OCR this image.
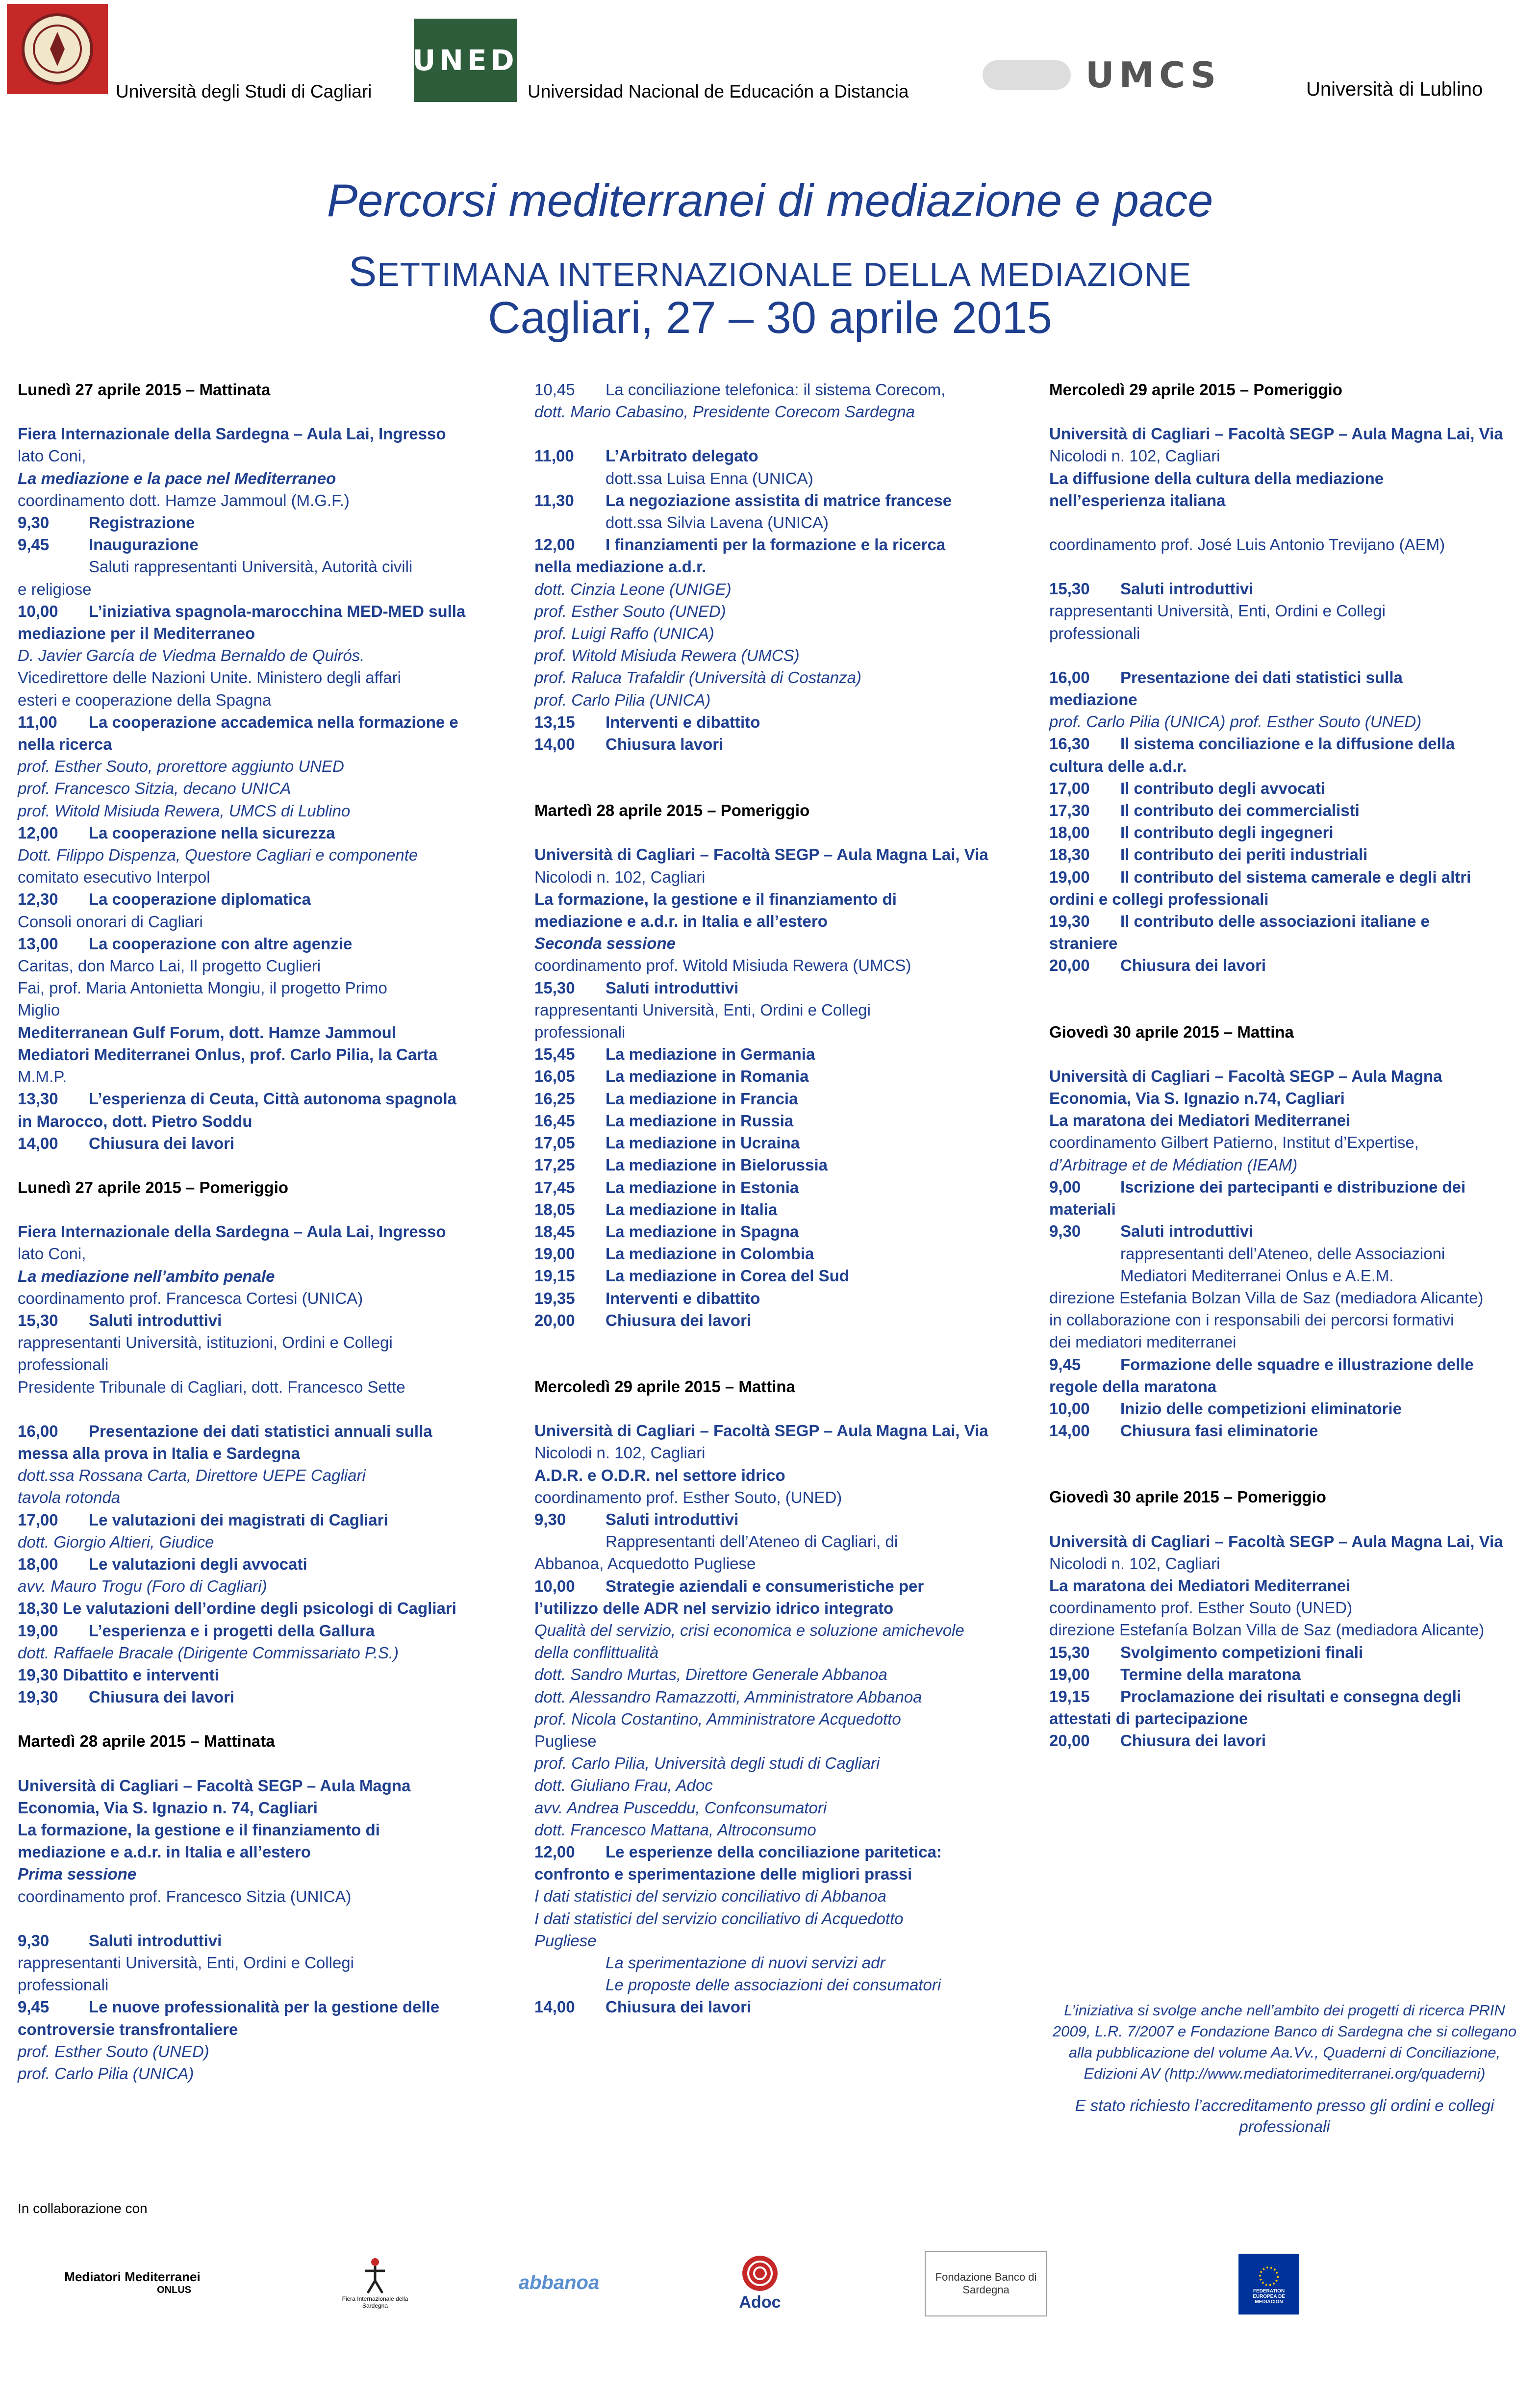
Università degli Studi di Cagliari
UNED
Universidad Nacional de Educación a Distancia	UMCS	Università di Lublino
Percorsi mediterranei di mediazione e pace
SETTIMANA INTERNAZIONALE DELLA MEDIAZIONE
Cagliari, 27 – 30 aprile 2015
Lunedì 27 aprile 2015 – Mattinata
Fiera Internazionale della Sardegna – Aula Lai, Ingresso
lato Coni,
La mediazione e la pace nel Mediterraneo
coordinamento dott. Hamze Jammoul (M.G.F.)
9,30 Registrazione
9,45 Inaugurazione
Saluti rappresentanti Università, Autorità civili
e religiose
10,00 L’iniziativa spagnola-marocchina MED-MED sulla
mediazione per il Mediterraneo
D. Javier García de Viedma Bernaldo de Quirós.
Vicedirettore delle Nazioni Unite. Ministero degli affari
esteri e cooperazione della Spagna
11,00 La cooperazione accademica nella formazione e
nella ricerca
prof. Esther Souto, prorettore aggiunto UNED
prof. Francesco Sitzia, decano UNICA
prof. Witold Misiuda Rewera, UMCS di Lublino
12,00 La cooperazione nella sicurezza
Dott. Filippo Dispenza, Questore Cagliari e componente
comitato esecutivo Interpol
12,30 La cooperazione diplomatica
Consoli onorari di Cagliari
13,00 La cooperazione con altre agenzie
Caritas, don Marco Lai, Il progetto Cuglieri
Fai, prof. Maria Antonietta Mongiu, il progetto Primo
Miglio
Mediterranean Gulf Forum, dott. Hamze Jammoul
Mediatori Mediterranei Onlus, prof. Carlo Pilia, la Carta
M.M.P.
13,30 L’esperienza di Ceuta, Città autonoma spagnola
in Marocco, dott. Pietro Soddu
14,00 Chiusura dei lavori
Lunedì 27 aprile 2015 – Pomeriggio
Fiera Internazionale della Sardegna – Aula Lai, Ingresso
lato Coni,
La mediazione nell’ambito penale
coordinamento prof. Francesca Cortesi (UNICA)
15,30 Saluti introduttivi
rappresentanti Università, istituzioni, Ordini e Collegi
professionali
Presidente Tribunale di Cagliari, dott. Francesco Sette
16,00 Presentazione dei dati statistici annuali sulla
messa alla prova in Italia e Sardegna
dott.ssa Rossana Carta, Direttore UEPE Cagliari
tavola rotonda
17,00 Le valutazioni dei magistrati di Cagliari
dott. Giorgio Altieri, Giudice
18,00 Le valutazioni degli avvocati
avv. Mauro Trogu (Foro di Cagliari)
18,30 Le valutazioni dell’ordine degli psicologi di Cagliari
19,00 L’esperienza e i progetti della Gallura
dott. Raffaele Bracale (Dirigente Commissariato P.S.)
19,30 Dibattito e interventi
19,30 Chiusura dei lavori
Martedì 28 aprile 2015 – Mattinata
Università di Cagliari – Facoltà SEGP – Aula Magna
Economia, Via S. Ignazio n. 74, Cagliari
La formazione, la gestione e il finanziamento di
mediazione e a.d.r. in Italia e all’estero
Prima sessione
coordinamento prof. Francesco Sitzia (UNICA)
9,30 Saluti introduttivi
rappresentanti Università, Enti, Ordini e Collegi
professionali
9,45 Le nuove professionalità per la gestione delle
controversie transfrontaliere
prof. Esther Souto (UNED)
prof. Carlo Pilia (UNICA)
10,45 La conciliazione telefonica: il sistema Corecom,
dott. Mario Cabasino, Presidente Corecom Sardegna
11,00 L’Arbitrato delegato
dott.ssa Luisa Enna (UNICA)
11,30 La negoziazione assistita di matrice francese
dott.ssa Silvia Lavena (UNICA)
12,00 I finanziamenti per la formazione e la ricerca
nella mediazione a.d.r.
dott. Cinzia Leone (UNIGE)
prof. Esther Souto (UNED)
prof. Luigi Raffo (UNICA)
prof. Witold Misiuda Rewera (UMCS)
prof. Raluca Trafaldir (Università di Costanza)
prof. Carlo Pilia (UNICA)
13,15 Interventi e dibattito
14,00 Chiusura lavori
Martedì 28 aprile 2015 – Pomeriggio
Università di Cagliari – Facoltà SEGP – Aula Magna Lai, Via
Nicolodi n. 102, Cagliari
La formazione, la gestione e il finanziamento di
mediazione e a.d.r. in Italia e all’estero
Seconda sessione
coordinamento prof. Witold Misiuda Rewera (UMCS)
15,30 Saluti introduttivi
rappresentanti Università, Enti, Ordini e Collegi
professionali
15,45 La mediazione in Germania
16,05 La mediazione in Romania
16,25 La mediazione in Francia
16,45 La mediazione in Russia
17,05 La mediazione in Ucraina
17,25 La mediazione in Bielorussia
17,45 La mediazione in Estonia
18,05 La mediazione in Italia
18,45 La mediazione in Spagna
19,00 La mediazione in Colombia
19,15 La mediazione in Corea del Sud
19,35 Interventi e dibattito
20,00 Chiusura dei lavori
Mercoledì 29 aprile 2015 – Mattina
Università di Cagliari – Facoltà SEGP – Aula Magna Lai, Via
Nicolodi n. 102, Cagliari
A.D.R. e O.D.R. nel settore idrico
coordinamento prof. Esther Souto, (UNED)
9,30 Saluti introduttivi
Rappresentanti dell’Ateneo di Cagliari, di
Abbanoa, Acquedotto Pugliese
10,00 Strategie aziendali e consumeristiche per
l’utilizzo delle ADR nel servizio idrico integrato
Qualità del servizio, crisi economica e soluzione amichevole
della conflittualità
dott. Sandro Murtas, Direttore Generale Abbanoa
dott. Alessandro Ramazzotti, Amministratore Abbanoa
prof. Nicola Costantino, Amministratore Acquedotto
Pugliese
prof. Carlo Pilia, Università degli studi di Cagliari
dott. Giuliano Frau, Adoc
avv. Andrea Pusceddu, Confconsumatori
dott. Francesco Mattana, Altroconsumo
12,00 Le esperienze della conciliazione paritetica:
confronto e sperimentazione delle migliori prassi
I dati statistici del servizio conciliativo di Abbanoa
I dati statistici del servizio conciliativo di Acquedotto
Pugliese
La sperimentazione di nuovi servizi adr
Le proposte delle associazioni dei consumatori
14,00 Chiusura dei lavori
Mercoledì 29 aprile 2015 – Pomeriggio
Università di Cagliari – Facoltà SEGP – Aula Magna Lai, Via
Nicolodi n. 102, Cagliari
La diffusione della cultura della mediazione
nell’esperienza italiana
coordinamento prof. José Luis Antonio Trevijano (AEM)
15,30 Saluti introduttivi
rappresentanti Università, Enti, Ordini e Collegi
professionali
16,00 Presentazione dei dati statistici sulla
mediazione
prof. Carlo Pilia (UNICA) prof. Esther Souto (UNED)
16,30 Il sistema conciliazione e la diffusione della
cultura delle a.d.r.
17,00 Il contributo degli avvocati
17,30 Il contributo dei commercialisti
18,00 Il contributo degli ingegneri
18,30 Il contributo dei periti industriali
19,00 Il contributo del sistema camerale e degli altri
ordini e collegi professionali
19,30 Il contributo delle associazioni italiane e
straniere
20,00 Chiusura dei lavori
Giovedì 30 aprile 2015 – Mattina
Università di Cagliari – Facoltà SEGP – Aula Magna
Economia, Via S. Ignazio n.74, Cagliari
La maratona dei Mediatori Mediterranei
coordinamento Gilbert Patierno, Institut d’Expertise,
d’Arbitrage et de Médiation (IEAM)
9,00 Iscrizione dei partecipanti e distribuzione dei
materiali
9,30 Saluti introduttivi
rappresentanti dell’Ateneo, delle Associazioni
Mediatori Mediterranei Onlus e A.E.M.
direzione Estefania Bolzan Villa de Saz (mediadora Alicante)
in collaborazione con i responsabili dei percorsi formativi
dei mediatori mediterranei
9,45 Formazione delle squadre e illustrazione delle
regole della maratona
10,00 Inizio delle competizioni eliminatorie
14,00 Chiusura fasi eliminatorie
Giovedì 30 aprile 2015 – Pomeriggio
Università di Cagliari – Facoltà SEGP – Aula Magna Lai, Via
Nicolodi n. 102, Cagliari
La maratona dei Mediatori Mediterranei
coordinamento prof. Esther Souto (UNED)
direzione Estefanía Bolzan Villa de Saz (mediadora Alicante)
15,30 Svolgimento competizioni finali
19,00 Termine della maratona
19,15 Proclamazione dei risultati e consegna degli
attestati di partecipazione
20,00 Chiusura dei lavori
L’iniziativa si svolge anche nell’ambito dei progetti di ricerca PRIN
2009, L.R. 7/2007 e Fondazione Banco di Sardegna che si collegano
alla pubblicazione del volume Aa.Vv., Quaderni di Conciliazione,
Edizioni AV (http://www.mediatorimediterranei.org/quaderni)
E stato richiesto l’accreditamento presso gli ordini e collegi
professionali
In collaborazione con
Mediatori Mediterranei
ONLUS
Fiera Internazionale della Sardegna
abbanoa
Adoc
Fondazione Banco di Sardegna	FEDERATION EUROPEA DE MEDIACION
